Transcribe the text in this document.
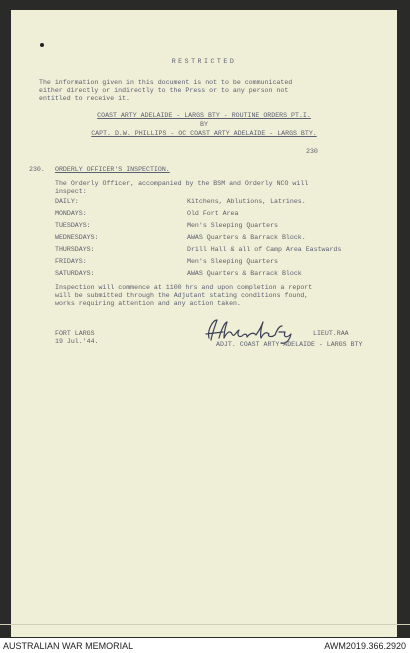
RESTRICTED
The information given in this document is not to be communicated
either directly or indirectly to the Press or to any person not
entitled to receive it.
COAST ARTY ADELAIDE - LARGS BTY - ROUTINE ORDERS PT.I.
BY
CAPT. D.W. PHILLIPS - OC COAST ARTY ADELAIDE - LARGS BTY.
230
230. ORDERLY OFFICER'S INSPECTION.
The Orderly Officer, accompanied by the BSM and Orderly NCO will
inspect:
DAILY:	Kitchens, Ablutions, Latrines.
MONDAYS:	Old Fort Area
TUESDAYS:	Men's Sleeping Quarters
WEDNESDAYS:	AWAS Quarters & Barrack Block.
THURSDAYS:	Drill Hall & all of Camp Area Eastwards
FRIDAYS:	Men's Sleeping Quarters
SATURDAYS:	AWAS Quarters & Barrack Block
Inspection will commence at 1100 hrs and upon completion a report
will be submitted through the Adjutant stating conditions found,
works requiring attention and any action taken.
FORT LARGS
19 Jul.'44.
LIEUT.RAA
ADJT. COAST ARTY ADELAIDE - LARGS BTY
AUSTRALIAN WAR MEMORIAL	AWM2019.366.2920
